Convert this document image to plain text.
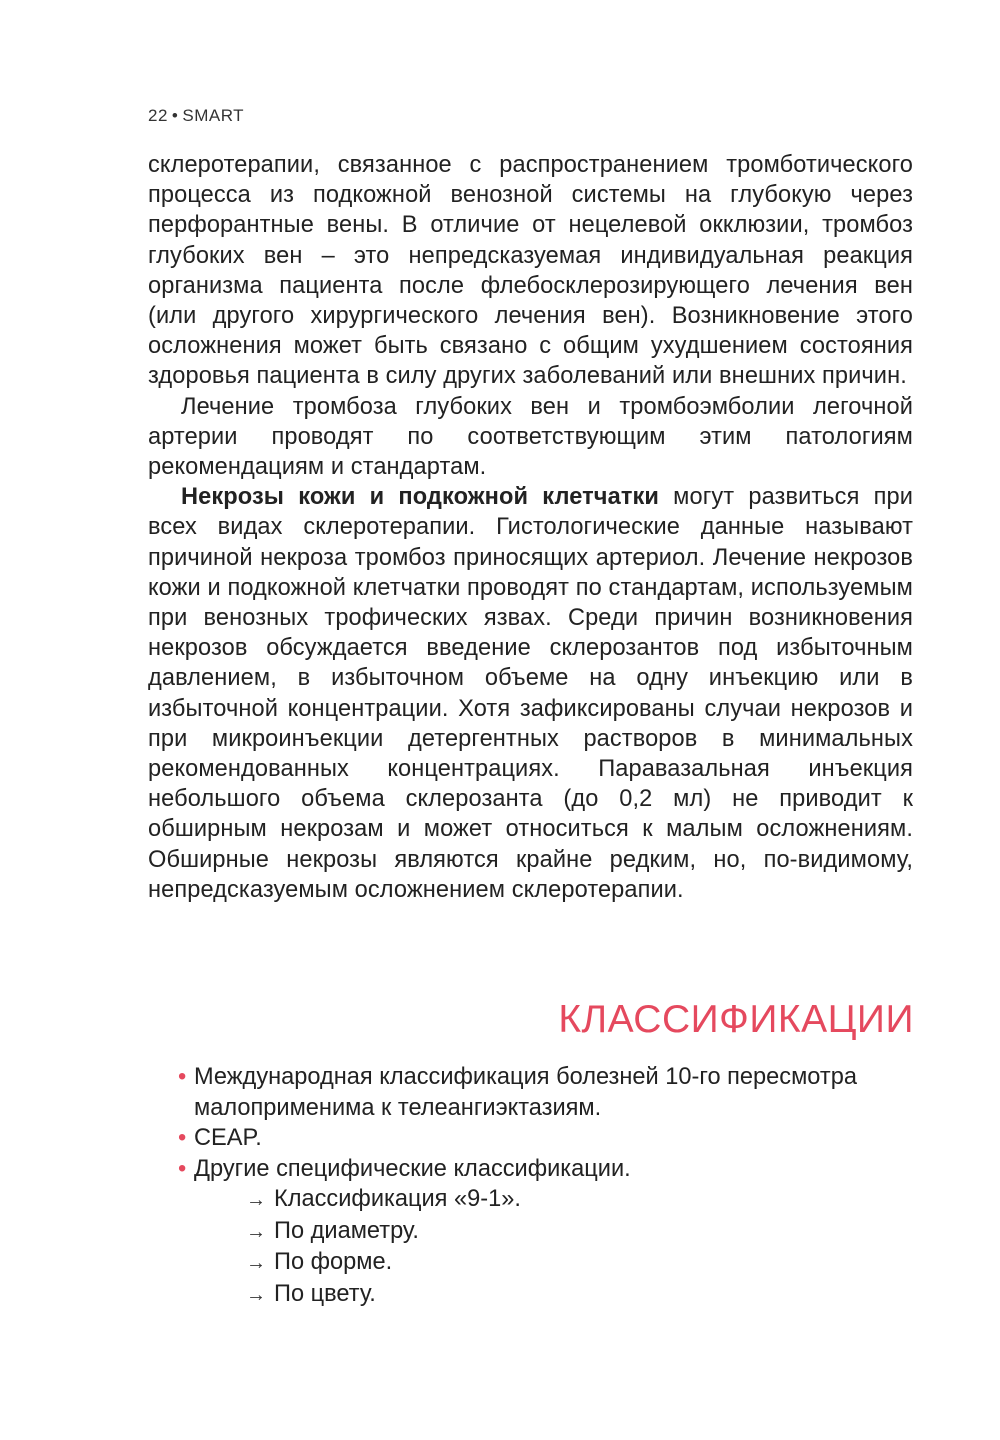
22 • SMART

склеротерапии, связанное с распространением тромботического процесса из подкожной венозной системы на глубокую через перфорантные вены. В отличие от нецелевой окклюзии, тромбоз глубоких вен – это непредсказуемая индивидуальная реакция организма пациента после флебосклерозирующего лечения вен (или другого хирургического лечения вен). Возникновение этого осложнения может быть связано с общим ухудшением состояния здоровья пациента в силу других заболеваний или внешних причин.

Лечение тромбоза глубоких вен и тромбоэмболии легочной артерии проводят по соответствующим этим патологиям рекомендациям и стандартам.

Некрозы кожи и подкожной клетчатки могут развиться при всех видах склеротерапии. Гистологические данные называют причиной некроза тромбоз приносящих артериол. Лечение некрозов кожи и подкожной клетчатки проводят по стандартам, используемым при венозных трофических язвах. Среди причин возникновения некрозов обсуждается введение склерозантов под избыточным давлением, в избыточном объеме на одну инъекцию или в избыточной концентрации. Хотя зафиксированы случаи некрозов и при микроинъекции детергентных растворов в минимальных рекомендованных концентрациях. Паравазальная инъекция небольшого объема склерозанта (до 0,2 мл) не приводит к обширным некрозам и может относиться к малым осложнениям. Обширные некрозы являются крайне редким, но, по-видимому, непредсказуемым осложнением склеротерапии.

КЛАССИФИКАЦИИ
• Международная классификация болезней 10-го пересмотра малоприменима к телеангиэктазиям.
• CEAP.
• Другие специфические классификации.
→ Классификация «9-1».
→ По диаметру.
→ По форме.
→ По цвету.
